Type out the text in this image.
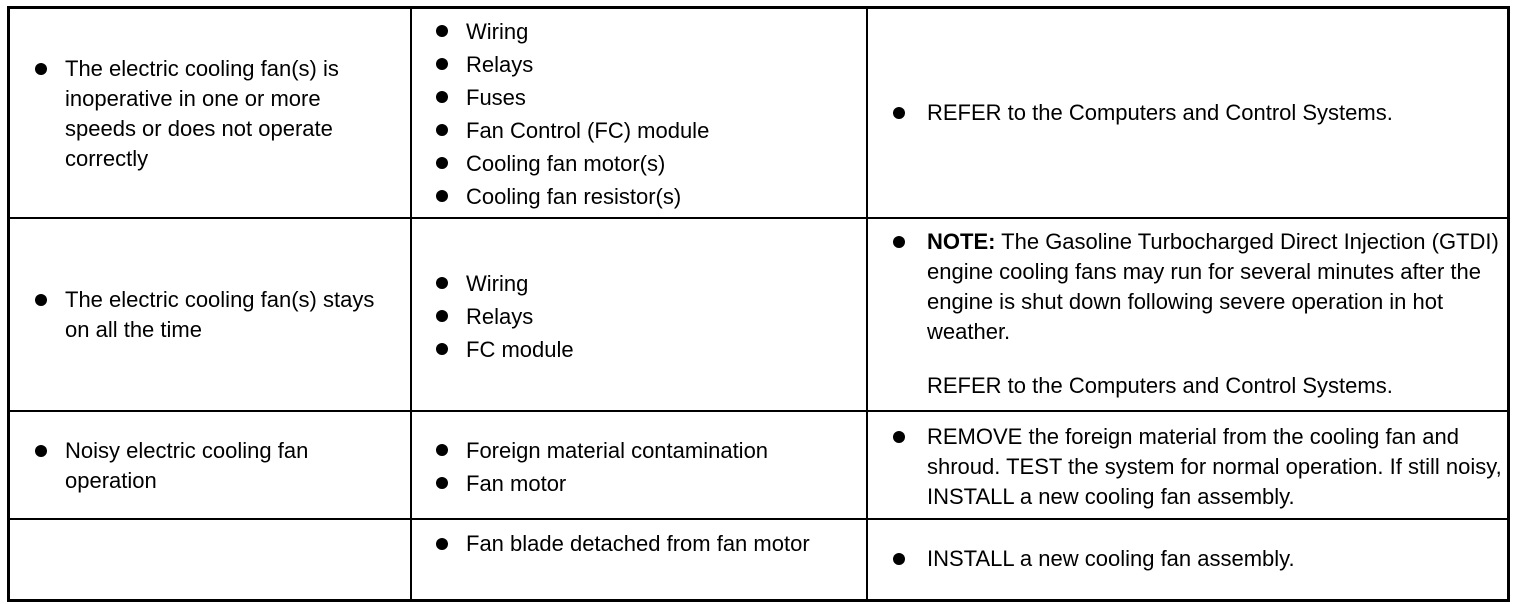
The electric cooling fan(s) is inoperative in one or more speeds or does not operate correctly
Wiring
Relays
Fuses
Fan Control (FC) module
Cooling fan motor(s)
Cooling fan resistor(s)
REFER to the Computers and Control Systems.
The electric cooling fan(s) stays on all the time
Wiring
Relays
FC module
NOTE: The Gasoline Turbocharged Direct Injection (GTDI) engine cooling fans may run for several minutes after the engine is shut down following severe operation in hot weather.
REFER to the Computers and Control Systems.
Noisy electric cooling fan operation
Foreign material contamination
Fan motor
REMOVE the foreign material from the cooling fan and shroud. TEST the system for normal operation. If still noisy, INSTALL a new cooling fan assembly.
Fan blade detached from fan motor
INSTALL a new cooling fan assembly.
